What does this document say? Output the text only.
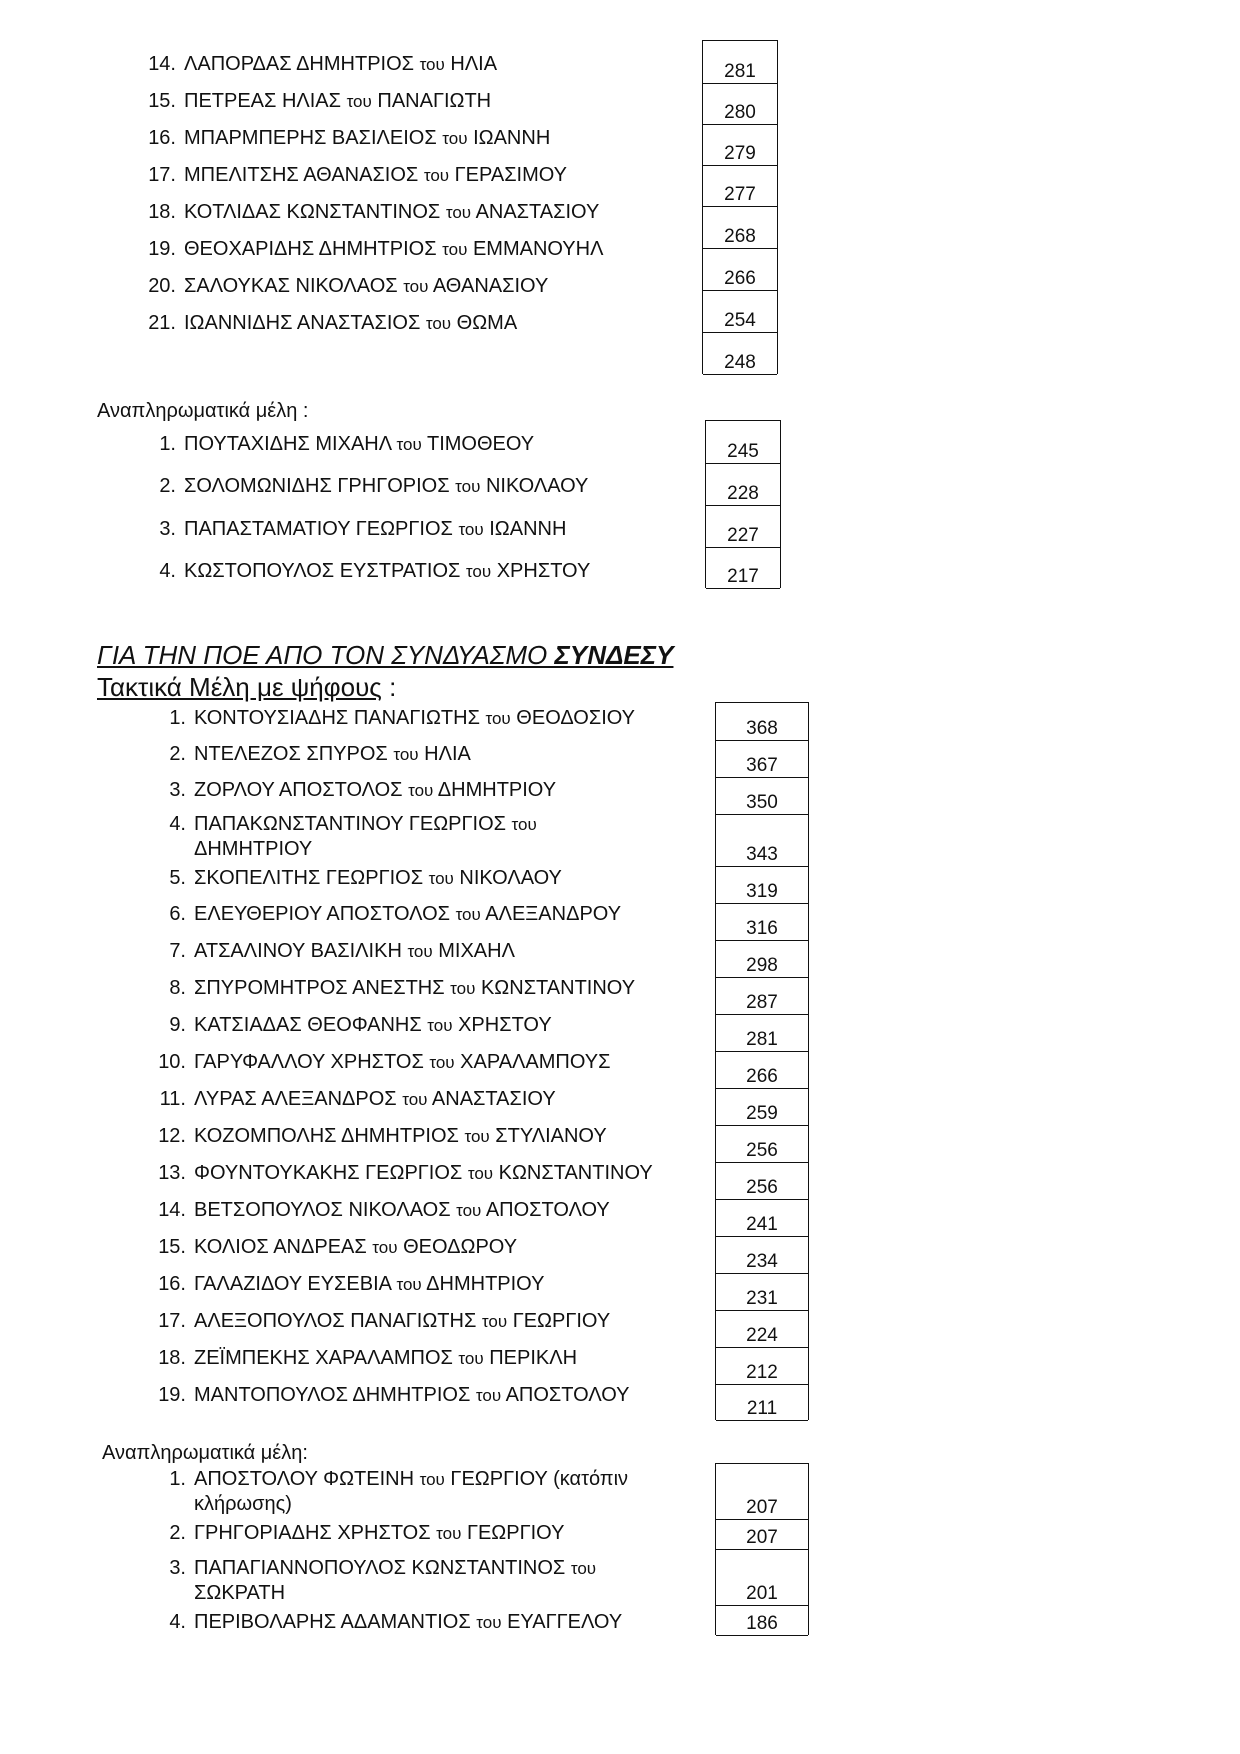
14. ΛΑΠΟΡΔΑΣ ΔΗΜΗΤΡΙΟΣ του ΗΛΙΑ
15. ΠΕΤΡΕΑΣ ΗΛΙΑΣ του ΠΑΝΑΓΙΩΤΗ
16. ΜΠΑΡΜΠΕΡΗΣ ΒΑΣΙΛΕΙΟΣ του ΙΩΑΝΝΗ
17. ΜΠΕΛΙΤΣΗΣ ΑΘΑΝΑΣΙΟΣ του ΓΕΡΑΣΙΜΟΥ
18. ΚΟΤΛΙΔΑΣ ΚΩΝΣΤΑΝΤΙΝΟΣ του ΑΝΑΣΤΑΣΙΟΥ
19. ΘΕΟΧΑΡΙΔΗΣ ΔΗΜΗΤΡΙΟΣ του ΕΜΜΑΝΟΥΗΛ
20. ΣΑΛΟΥΚΑΣ ΝΙΚΟΛΑΟΣ του ΑΘΑΝΑΣΙΟΥ
21. ΙΩΑΝΝΙΔΗΣ ΑΝΑΣΤΑΣΙΟΣ του ΘΩΜΑ
281
280
279
277
268
266
254
248
Αναπληρωματικά μέλη :
1. ΠΟΥΤΑΧΙΔΗΣ ΜΙΧΑΗΛ του ΤΙΜΟΘΕΟΥ
2. ΣΟΛΟΜΩΝΙΔΗΣ ΓΡΗΓΟΡΙΟΣ του ΝΙΚΟΛΑΟΥ
3. ΠΑΠΑΣΤΑΜΑΤΙΟΥ ΓΕΩΡΓΙΟΣ του ΙΩΑΝΝΗ
4. ΚΩΣΤΟΠΟΥΛΟΣ ΕΥΣΤΡΑΤΙΟΣ του ΧΡΗΣΤΟΥ
245
228
227
217
ΓΙΑ ΤΗΝ ΠΟΕ ΑΠΟ ΤΟΝ ΣΥΝΔΥΑΣΜΟ ΣΥΝΔΕΣΥ
Τακτικά Μέλη με ψήφους :
1. ΚΟΝΤΟΥΣΙΑΔΗΣ ΠΑΝΑΓΙΩΤΗΣ του ΘΕΟΔΟΣΙΟΥ
2. ΝΤΕΛΕΖΟΣ ΣΠΥΡΟΣ του ΗΛΙΑ
3. ΖΟΡΛΟΥ ΑΠΟΣΤΟΛΟΣ του ΔΗΜΗΤΡΙΟΥ
4. ΠΑΠΑΚΩΝΣΤΑΝΤΙΝΟΥ ΓΕΩΡΓΙΟΣ του ΔΗΜΗΤΡΙΟΥ
5. ΣΚΟΠΕΛΙΤΗΣ ΓΕΩΡΓΙΟΣ του ΝΙΚΟΛΑΟΥ
6. ΕΛΕΥΘΕΡΙΟΥ ΑΠΟΣΤΟΛΟΣ του ΑΛΕΞΑΝΔΡΟΥ
7. ΑΤΣΑΛΙΝΟΥ ΒΑΣΙΛΙΚΗ του ΜΙΧΑΗΛ
8. ΣΠΥΡΟΜΗΤΡΟΣ ΑΝΕΣΤΗΣ του ΚΩΝΣΤΑΝΤΙΝΟΥ
9. ΚΑΤΣΙΑΔΑΣ ΘΕΟΦΑΝΗΣ του ΧΡΗΣΤΟΥ
10. ΓΑΡΥΦΑΛΛΟΥ ΧΡΗΣΤΟΣ του ΧΑΡΑΛΑΜΠΟΥΣ
11. ΛΥΡΑΣ ΑΛΕΞΑΝΔΡΟΣ του ΑΝΑΣΤΑΣΙΟΥ
12. ΚΟΖΟΜΠΟΛΗΣ ΔΗΜΗΤΡΙΟΣ του ΣΤΥΛΙΑΝΟΥ
13. ΦΟΥΝΤΟΥΚΑΚΗΣ ΓΕΩΡΓΙΟΣ του ΚΩΝΣΤΑΝΤΙΝΟΥ
14. ΒΕΤΣΟΠΟΥΛΟΣ ΝΙΚΟΛΑΟΣ του ΑΠΟΣΤΟΛΟΥ
15. ΚΟΛΙΟΣ ΑΝΔΡΕΑΣ του ΘΕΟΔΩΡΟΥ
16. ΓΑΛΑΖΙΔΟΥ ΕΥΣΕΒΙΑ του ΔΗΜΗΤΡΙΟΥ
17. ΑΛΕΞΟΠΟΥΛΟΣ ΠΑΝΑΓΙΩΤΗΣ του ΓΕΩΡΓΙΟΥ
18. ΖΕΪΜΠΕΚΗΣ ΧΑΡΑΛΑΜΠΟΣ του ΠΕΡΙΚΛΗ
19. ΜΑΝΤΟΠΟΥΛΟΣ ΔΗΜΗΤΡΙΟΣ του ΑΠΟΣΤΟΛΟΥ
368
367
350
343
319
316
298
287
281
266
259
256
256
241
234
231
224
212
211
Αναπληρωματικά μέλη:
1. ΑΠΟΣΤΟΛΟΥ ΦΩΤΕΙΝΗ του ΓΕΩΡΓΙΟΥ (κατόπιν κλήρωσης)
2. ΓΡΗΓΟΡΙΑΔΗΣ ΧΡΗΣΤΟΣ του ΓΕΩΡΓΙΟΥ
3. ΠΑΠΑΓΙΑΝΝΟΠΟΥΛΟΣ ΚΩΝΣΤΑΝΤΙΝΟΣ του ΣΩΚΡΑΤΗ
4. ΠΕΡΙΒΟΛΑΡΗΣ ΑΔΑΜΑΝΤΙΟΣ του ΕΥΑΓΓΕΛΟΥ
207
207
201
186
